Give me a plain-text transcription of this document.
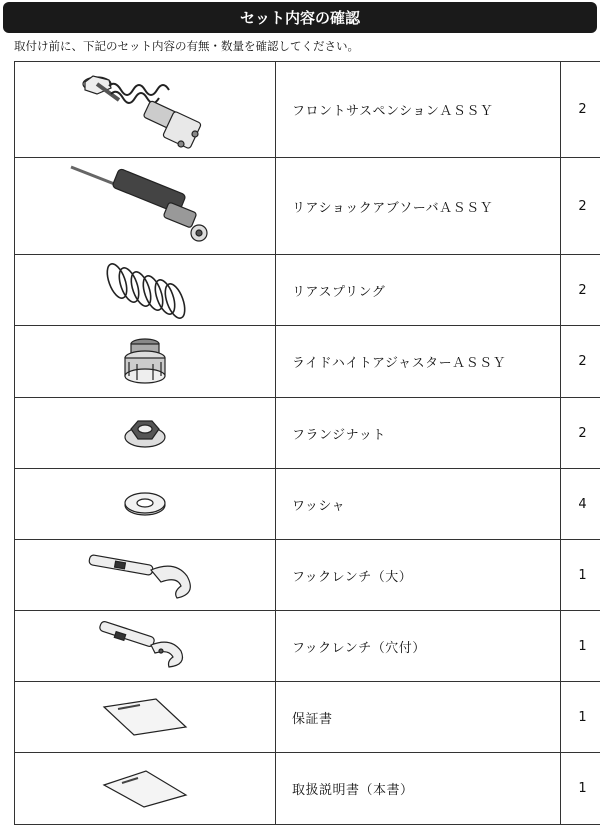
セット内容の確認
取付け前に、下記のセット内容の有無・数量を確認してください。
	フロントサスペンションＡＳＳＹ	2

	リアショックアブソーバＡＳＳＹ	2

	リアスプリング	2

	ライドハイトアジャスターＡＳＳＹ	2

	フランジナット	2

	ワッシャ	4

	フックレンチ（大）	1

	フックレンチ（穴付）	1

	保証書	1

	取扱説明書（本書）	1
